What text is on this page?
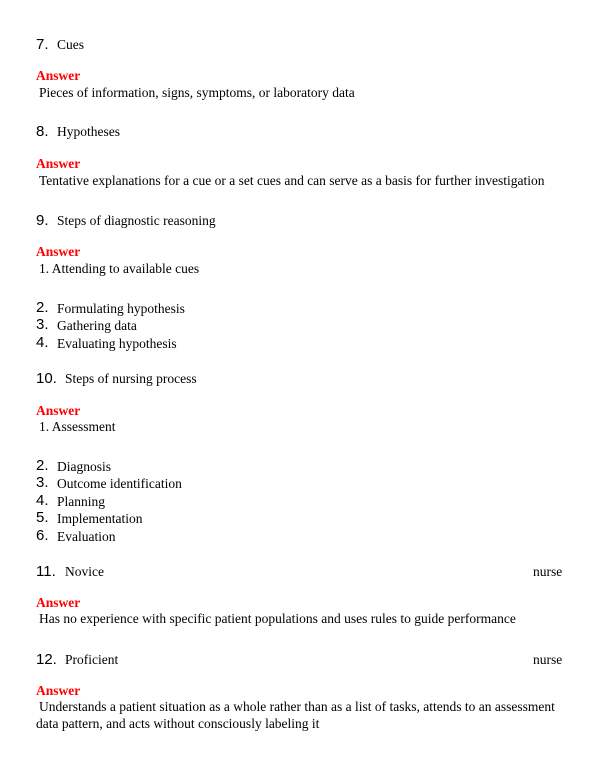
7. Cues
Answer
Pieces of information, signs, symptoms, or laboratory data
8. Hypotheses
Answer
Tentative explanations for a cue or a set cues and can serve as a basis for further investigation
9. Steps of diagnostic reasoning
Answer
1. Attending to available cues
2. Formulating hypothesis
3. Gathering data
4. Evaluating hypothesis
10. Steps of nursing process
Answer
1. Assessment
2. Diagnosis
3. Outcome identification
4. Planning
5. Implementation
6. Evaluation
11. Novice	nurse
Answer
Has no experience with specific patient populations and uses rules to guide performance
12. Proficient	nurse
Answer
Understands a patient situation as a whole rather than as a list of tasks, attends to an assessment
data pattern, and acts without consciously labeling it
